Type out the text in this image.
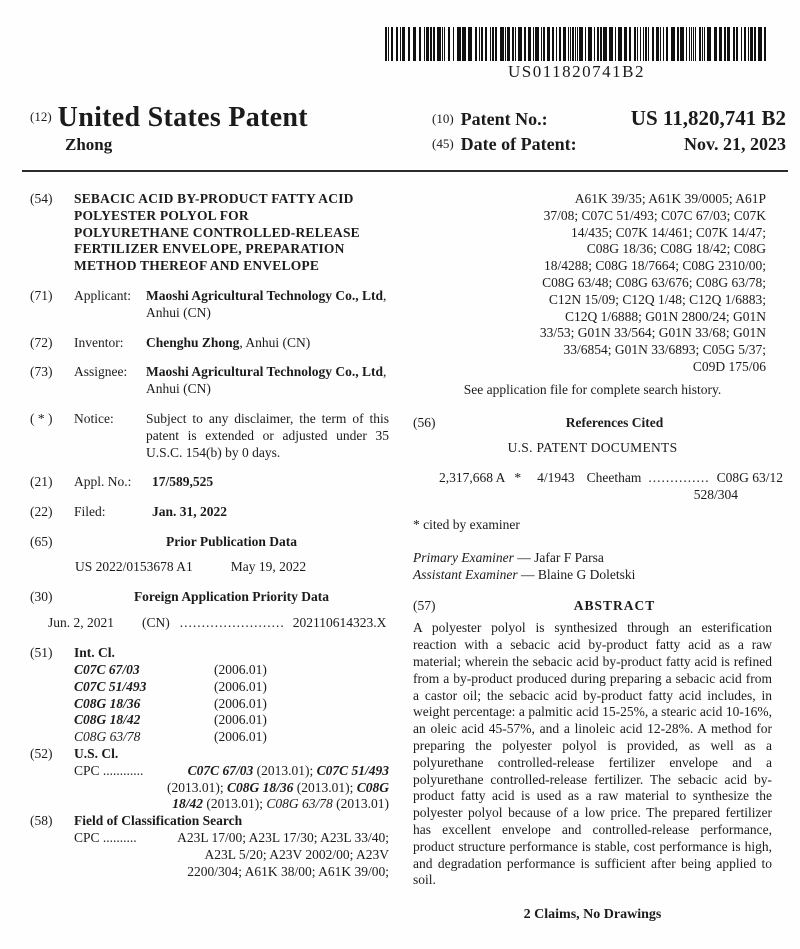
US011820741B2
$^{(12)}$ United States Patent
Zhong
(10) Patent No.:	US 11,820,741 B2
(45) Date of Patent:	Nov. 21, 2023
(54)	SEBACIC ACID BY-PRODUCT FATTY ACID
POLYESTER POLYOL FOR
POLYURETHANE CONTROLLED-RELEASE
FERTILIZER ENVELOPE, PREPARATION
METHOD THEREOF AND ENVELOPE
(71)	Applicant:	Maoshi Agricultural Technology Co., Ltd, Anhui (CN)
(72)	Inventor:	Chenghu Zhong, Anhui (CN)
(73)	Assignee:	Maoshi Agricultural Technology Co., Ltd, Anhui (CN)
( * )	Notice:	Subject to any disclaimer, the term of this patent is extended or adjusted under 35 U.S.C. 154(b) by 0 days.
(21)	Appl. No.:	17/589,525
(22)	Filed:	Jan. 31, 2022
(65)	Prior Publication Data
US 2022/0153678 A1	May 19, 2022
(30)	Foreign Application Priority Data
Jun. 2, 2021 (CN) ........................ 202110614323.X
(51)	Int. Cl.
C07C 67/03	(2006.01)
C07C 51/493	(2006.01)
C08G 18/36	(2006.01)
C08G 18/42	(2006.01)
C08G 63/78	(2006.01)
(52)	U.S. Cl.
CPC ............	C07C 67/03 (2013.01); C07C 51/493
(2013.01); C08G 18/36 (2013.01); C08G
18/42 (2013.01); C08G 63/78 (2013.01)
(58)	Field of Classification Search
CPC ..........	A23L 17/00; A23L 17/30; A23L 33/40;
A23L 5/20; A23V 2002/00; A23V
2200/304; A61K 38/00; A61K 39/00;
A61K 39/35; A61K 39/0005; A61P
37/08; C07C 51/493; C07C 67/03; C07K
14/435; C07K 14/461; C07K 14/47;
C08G 18/36; C08G 18/42; C08G
18/4288; C08G 18/7664; C08G 2310/00;
C08G 63/48; C08G 63/676; C08G 63/78;
C12N 15/09; C12Q 1/48; C12Q 1/6883;
C12Q 1/6888; G01N 2800/24; G01N
33/53; G01N 33/564; G01N 33/68; G01N
33/6854; G01N 33/6893; C05G 5/37;
C09D 175/06
See application file for complete search history.
(56)	References Cited
U.S. PATENT DOCUMENTS
2,317,668 A * 4/1943 Cheetham .............. C08G 63/12
528/304
* cited by examiner
Primary Examiner — Jafar F Parsa
Assistant Examiner — Blaine G Doletski
(57)	ABSTRACT
A polyester polyol is synthesized through an esterification reaction with a sebacic acid by-product fatty acid as a raw material; wherein the sebacic acid by-product fatty acid is refined from a by-product produced during preparing a sebacic acid from a castor oil; the sebacic acid by-product fatty acid includes, in weight percentage: a palmitic acid 15-25%, a stearic acid 10-16%, an oleic acid 45-57%, and a linoleic acid 12-28%. A method for preparing the polyester polyol is provided, as well as a polyurethane controlled-release fertilizer envelope and a polyurethane controlled-release fertilizer. The sebacic acid by-product fatty acid is used as a raw material to synthesize the polyester polyol because of a low price. The prepared fertilizer has excellent envelope and controlled-release performance, product structure performance is stable, cost performance is high, and degradation performance is sufficient after being applied to soil.
2 Claims, No Drawings
